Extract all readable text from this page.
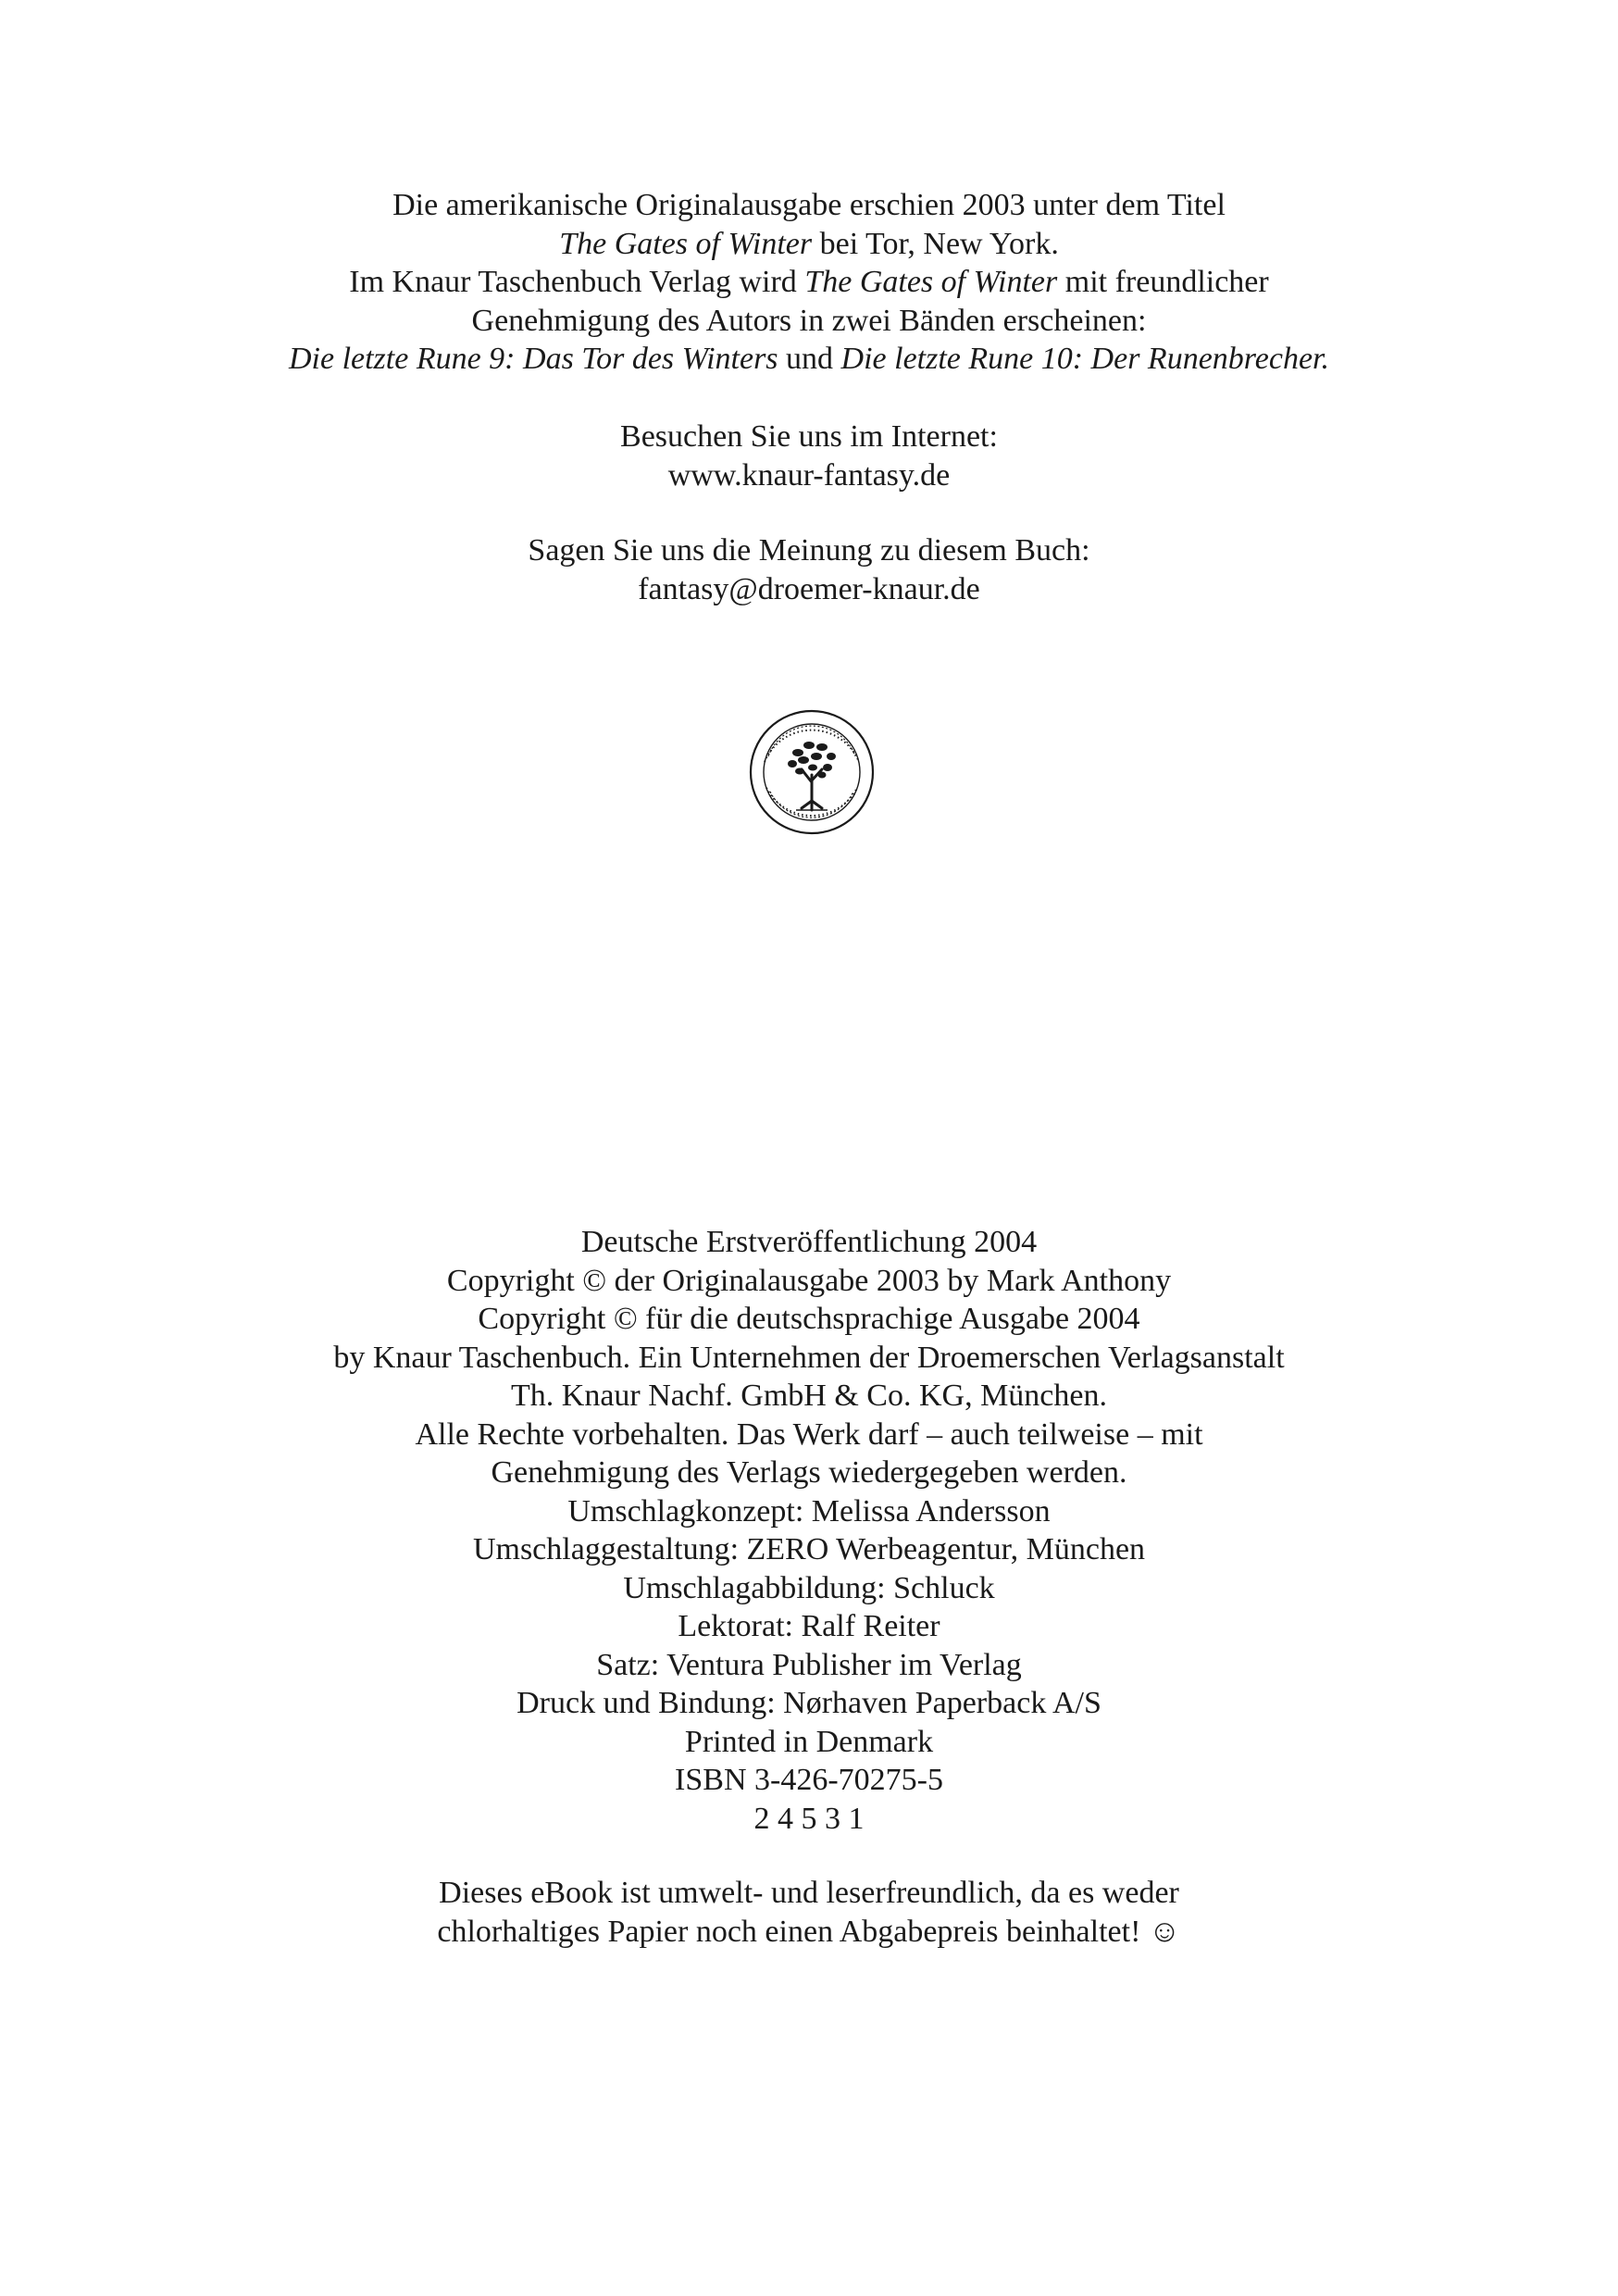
Die amerikanische Originalausgabe erschien 2003 unter dem Titel
The Gates of Winter bei Tor, New York.
Im Knaur Taschenbuch Verlag wird The Gates of Winter mit freundlicher
Genehmigung des Autors in zwei Bänden erscheinen:
Die letzte Rune 9: Das Tor des Winters und Die letzte Rune 10: Der Runenbrecher.
Besuchen Sie uns im Internet:
www.knaur-fantasy.de
Sagen Sie uns die Meinung zu diesem Buch:
fantasy@droemer-knaur.de
Deutsche Erstveröffentlichung 2004
Copyright © der Originalausgabe 2003 by Mark Anthony
Copyright © für die deutschsprachige Ausgabe 2004
by Knaur Taschenbuch. Ein Unternehmen der Droemerschen Verlagsanstalt
Th. Knaur Nachf. GmbH & Co. KG, München.
Alle Rechte vorbehalten. Das Werk darf – auch teilweise – mit
Genehmigung des Verlags wiedergegeben werden.
Umschlagkonzept: Melissa Andersson
Umschlaggestaltung: ZERO Werbeagentur, München
Umschlagabbildung: Schluck
Lektorat: Ralf Reiter
Satz: Ventura Publisher im Verlag
Druck und Bindung: Nørhaven Paperback A/S
Printed in Denmark
ISBN 3-426-70275-5
2 4 5 3 1
Dieses eBook ist umwelt- und leserfreundlich, da es weder
chlorhaltiges Papier noch einen Abgabepreis beinhaltet! ☺
